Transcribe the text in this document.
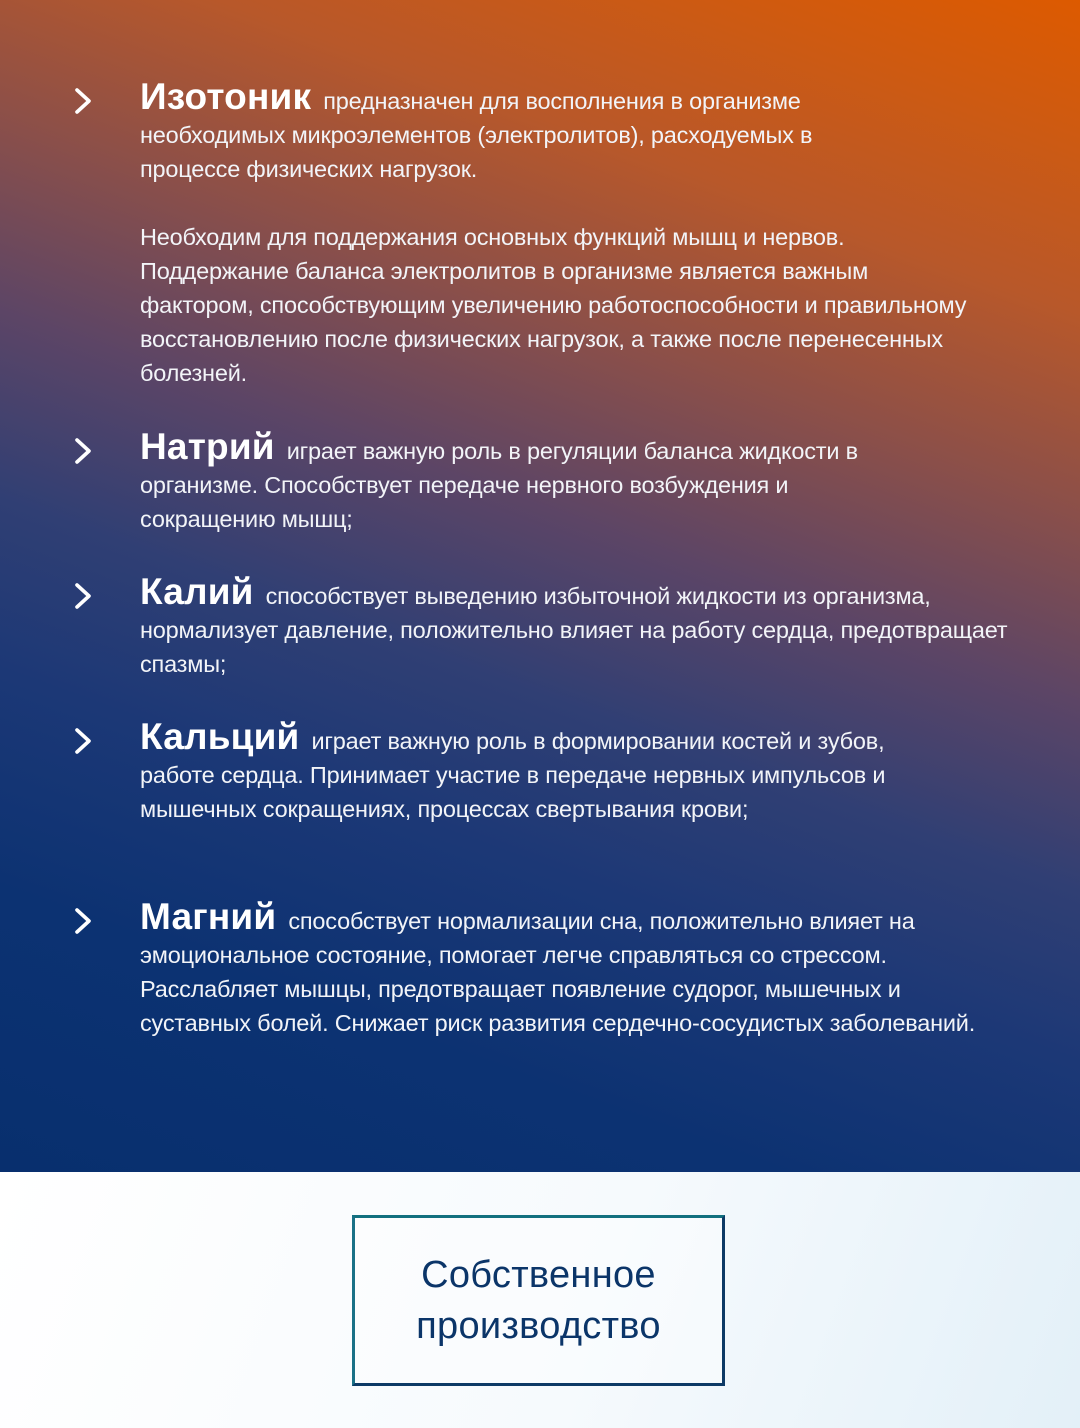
Изотоник предназначен для восполнения в организме необходимых микроэлементов (электролитов), расходуемых в процессе физических нагрузок.
Необходим для поддержания основных функций мышц и нервов. Поддержание баланса электролитов в организме является важным фактором, способствующим увеличению работоспособности и правильному восстановлению после физических нагрузок, а также после перенесенных болезней.
Натрий играет важную роль в регуляции баланса жидкости в организме. Способствует передаче нервного возбуждения и сокращению мышц;
Калий способствует выведению избыточной жидкости из организма, нормализует давление, положительно влияет на работу сердца, предотвращает спазмы;
Кальций играет важную роль в формировании костей и зубов, работе сердца. Принимает участие в передаче нервных импульсов и мышечных сокращениях, процессах свертывания крови;
Магний способствует нормализации сна, положительно влияет на эмоциональное состояние, помогает легче справляться со стрессом. Расслабляет мышцы, предотвращает появление судорог, мышечных и суставных болей. Снижает риск развития сердечно-сосудистых заболеваний.
Собственное
производство
